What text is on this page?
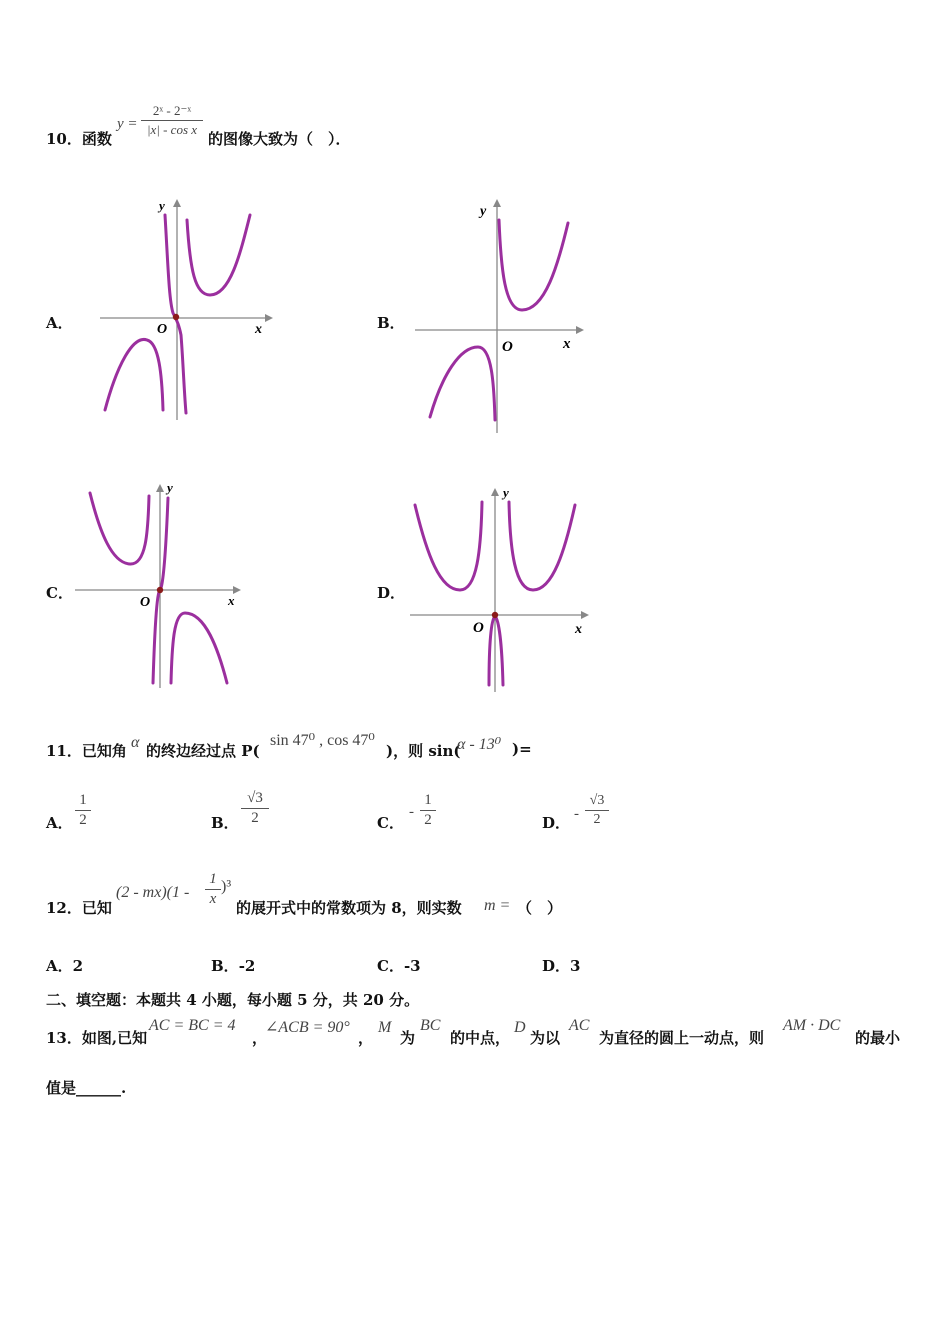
10．函数
y =
2ˣ - 2⁻ˣ
|x| - cos x
的图像大致为（　）．
A．	B．
C．	D．
O	x
y
O	x
y
O	x
y
O	x
y
11．已知角 α 的终边经过点 P(
sin 47⁰ , cos 47⁰
)，则 sin(
α - 13⁰ )=
A．
1
2	B．
√3
2	C．
-
1
2	D． -
√3
2
12．已知
(2 - mx)(1 -
1
x
)³
的展开式中的常数项为 8，则实数 m = （　）
A．2	B．-2	C．-3	D．3
二、填空题：本题共 4 小题，每小题 5 分，共 20 分。
13．如图,已知
AC = BC = 4
，
∠ACB = 90°
，
M
为
BC
的中点，
D
为以
AC
为直径的圆上一动点，则
AM · DC
的最小
值是______.
